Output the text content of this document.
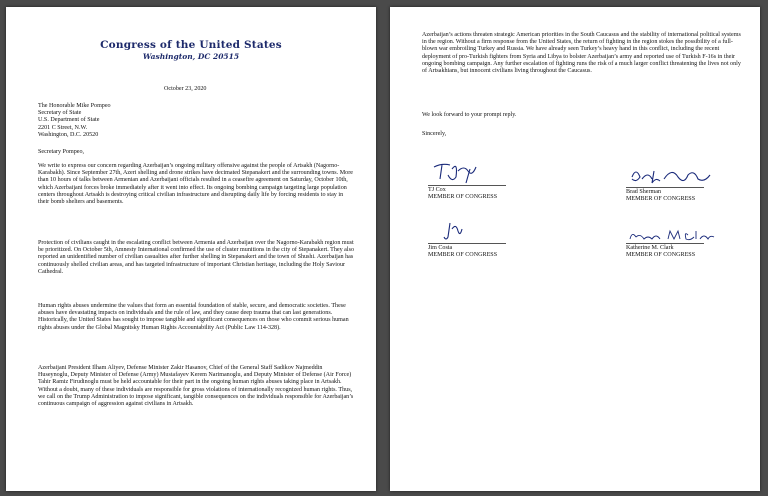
Congress of the United States
Washington, DC 20515

October 23, 2020

The Honorable Mike Pompeo
Secretary of State
U.S. Department of State
2201 C Street, N.W.
Washington, D.C. 20520

Secretary Pompeo,

We write to express our concern regarding Azerbaijan’s ongoing military offensive against the people of Artsakh (Nagorno-Karabakh). Since September 27th, Azeri shelling and drone strikes have decimated Stepanakert and the surrounding towns. More than 10 hours of talks between Armenian and Azerbaijani officials resulted in a ceasefire agreement on Saturday, October 10th, which Azerbaijani forces broke immediately after it went into effect. Its ongoing bombing campaign targeting large population centers throughout Artsakh is destroying critical civilian infrastructure and disrupting daily life by forcing residents to stay in their bomb shelters and basements.

Protection of civilians caught in the escalating conflict between Armenia and Azerbaijan over the Nagorno-Karabakh region must be prioritized. On October 5th, Amnesty International confirmed the use of cluster munitions in the city of Stepanakert. They also reported an unidentified number of civilian casualties after further shelling in Stepanakert and the town of Shushi. Azerbaijan has continuously shelled civilian areas, and has targeted infrastructure of important Christian heritage, including the Holy Saviour Cathedral.

Human rights abuses undermine the values that form an essential foundation of stable, secure, and democratic societies. These abuses have devastating impacts on individuals and the rule of law, and they cause deep trauma that can last generations. Historically, the United States has sought to impose tangible and significant consequences on those who commit serious human rights abuses under the Global Magnitsky Human Rights Accountability Act (Public Law 114-328).

Azerbaijani President Ilham Aliyev, Defense Minister Zakir Hasanov, Chief of the General Staff Sadikov Najmeddin Huseynoglu, Deputy Minister of Defense (Army) Mustafayev Kerem Narimanoglu, and Deputy Minister of Defense (Air Force) Tahir Ramiz Firudinoglu must be held accountable for their part in the ongoing human rights abuses taking place in Artsakh. Without a doubt, many of these individuals are responsible for gross violations of internationally recognized human rights. Thus, we call on the Trump Administration to impose significant, tangible consequences on the individuals responsible for Azerbaijan’s continuous campaign of aggression against civilians in Artsakh.

Azerbaijan’s actions threaten strategic American priorities in the South Caucasus and the stability of international political systems in the region. Without a firm response from the United States, the return of fighting in the region stokes the possibility of a full-blown war embroiling Turkey and Russia. We have already seen Turkey’s heavy hand in this conflict, including the recent deployment of pro-Turkish fighters from Syria and Libya to bolster Azerbaijan’s army and reported use of Turkish F-16s in their ongoing bombing campaign. Any further escalation of fighting runs the risk of a much larger conflict threatening the lives not only of Artsakhians, but innocent civilians living throughout the Caucasus.

We look forward to your prompt reply.

Sincerely,

TJ Cox
MEMBER OF CONGRESS
Brad Sherman
MEMBER OF CONGRESS
Jim Costa
MEMBER OF CONGRESS
Katherine M. Clark
MEMBER OF CONGRESS
